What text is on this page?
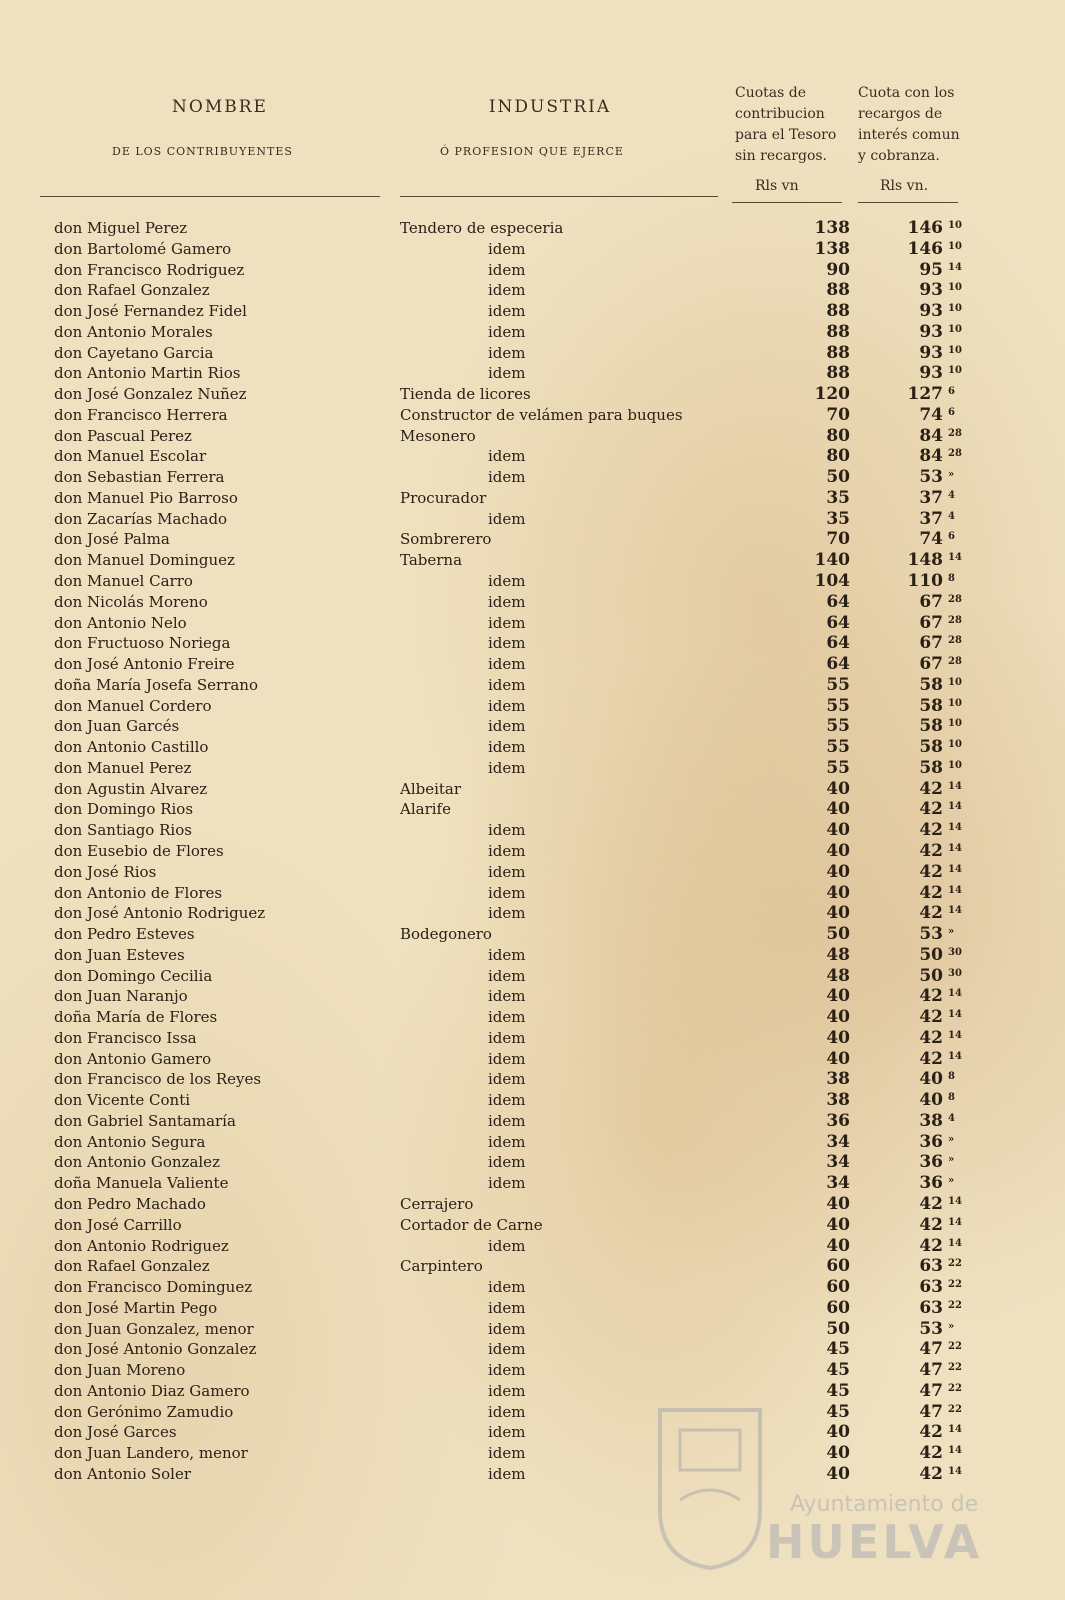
NOMBRE
DE LOS CONTRIBUYENTES
INDUSTRIA
Ó PROFESION QUE EJERCE
Cuotas de contribucion para el Tesoro sin recargos.
Cuota con los recargos de interés comun y cobranza.
Rls vn	Rls vn.
don Miguel Perez	Tendero de especeria	138	146 10
don Bartolomé Gamero	idem	138	146 10
don Francisco Rodriguez	idem	90	95 14
don Rafael Gonzalez	idem	88	93 10
don José Fernandez Fidel	idem	88	93 10
don Antonio Morales	idem	88	93 10
don Cayetano Garcia	idem	88	93 10
don Antonio Martin Rios	idem	88	93 10
don José Gonzalez Nuñez	Tienda de licores	120	127 6
don Francisco Herrera	Constructor de velámen para buques	70	74 6
don Pascual Perez	Mesonero	80	84 28
don Manuel Escolar	idem	80	84 28
don Sebastian Ferrera	idem	50	53 »
don Manuel Pio Barroso	Procurador	35	37 4
don Zacarías Machado	idem	35	37 4
don José Palma	Sombrerero	70	74 6
don Manuel Dominguez	Taberna	140	148 14
don Manuel Carro	idem	104	110 8
don Nicolás Moreno	idem	64	67 28
don Antonio Nelo	idem	64	67 28
don Fructuoso Noriega	idem	64	67 28
don José Antonio Freire	idem	64	67 28
doña María Josefa Serrano	idem	55	58 10
don Manuel Cordero	idem	55	58 10
don Juan Garcés	idem	55	58 10
don Antonio Castillo	idem	55	58 10
don Manuel Perez	idem	55	58 10
don Agustin Alvarez	Albeitar	40	42 14
don Domingo Rios	Alarife	40	42 14
don Santiago Rios	idem	40	42 14
don Eusebio de Flores	idem	40	42 14
don José Rios	idem	40	42 14
don Antonio de Flores	idem	40	42 14
don José Antonio Rodriguez	idem	40	42 14
don Pedro Esteves	Bodegonero	50	53 »
don Juan Esteves	idem	48	50 30
don Domingo Cecilia	idem	48	50 30
don Juan Naranjo	idem	40	42 14
doña María de Flores	idem	40	42 14
don Francisco Issa	idem	40	42 14
don Antonio Gamero	idem	40	42 14
don Francisco de los Reyes	idem	38	40 8
don Vicente Conti	idem	38	40 8
don Gabriel Santamaría	idem	36	38 4
don Antonio Segura	idem	34	36 »
don Antonio Gonzalez	idem	34	36 »
doña Manuela Valiente	idem	34	36 »
don Pedro Machado	Cerrajero	40	42 14
don José Carrillo	Cortador de Carne	40	42 14
don Antonio Rodriguez	idem	40	42 14
don Rafael Gonzalez	Carpintero	60	63 22
don Francisco Dominguez	idem	60	63 22
don José Martin Pego	idem	60	63 22
don Juan Gonzalez, menor	idem	50	53 »
don José Antonio Gonzalez	idem	45	47 22
don Juan Moreno	idem	45	47 22
don Antonio Diaz Gamero	idem	45	47 22
don Gerónimo Zamudio	idem	45	47 22
don José Garces	idem	40	42 14
don Juan Landero, menor	idem	40	42 14
don Antonio Soler	idem	40	42 14
Ayuntamiento de
HUELVA
